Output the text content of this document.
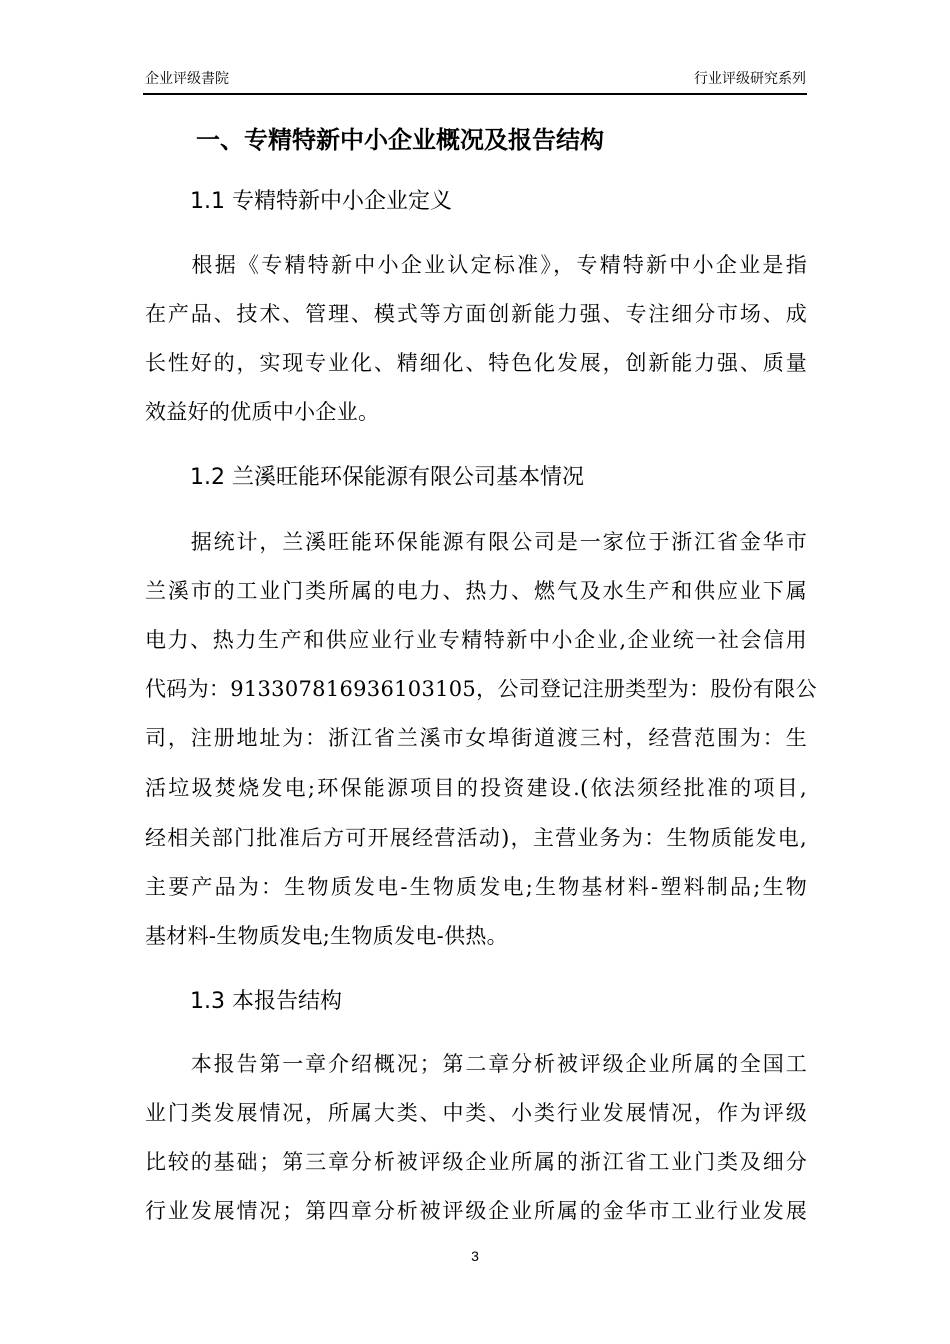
企业评级書院	行业评级研究系列
一、专精特新中小企业概况及报告结构
1.1 专精特新中小企业定义
　　根据《专精特新中小企业认定标准》，专精特新中小企业是指
在产品、技术、管理、模式等方面创新能力强、专注细分市场、成
长性好的，实现专业化、精细化、特色化发展，创新能力强、质量
效益好的优质中小企业。
1.2 兰溪旺能环保能源有限公司基本情况
　　据统计，兰溪旺能环保能源有限公司是一家位于浙江省金华市
兰溪市的工业门类所属的电力、热力、燃气及水生产和供应业下属
电力、热力生产和供应业行业专精特新中小企业,企业统一社会信用
代码为：913307816936103105，公司登记注册类型为：股份有限公
司，注册地址为：浙江省兰溪市女埠街道渡三村，经营范围为：生
活垃圾焚烧发电;环保能源项目的投资建设.(依法须经批准的项目,
经相关部门批准后方可开展经营活动)，主营业务为：生物质能发电,
主要产品为：生物质发电-生物质发电;生物基材料-塑料制品;生物
基材料-生物质发电;生物质发电-供热。
1.3 本报告结构
　　本报告第一章介绍概况；第二章分析被评级企业所属的全国工
业门类发展情况，所属大类、中类、小类行业发展情况，作为评级
比较的基础；第三章分析被评级企业所属的浙江省工业门类及细分
行业发展情况；第四章分析被评级企业所属的金华市工业行业发展
3
